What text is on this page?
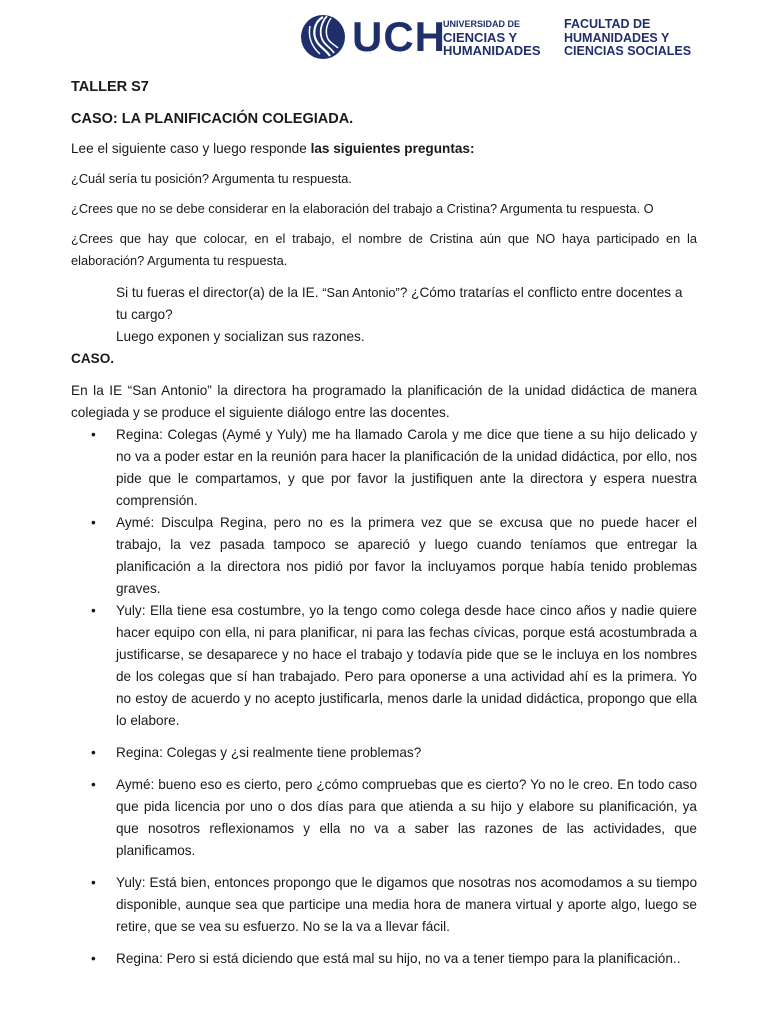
UCH
UNIVERSIDAD DE
CIENCIAS Y
HUMANIDADES
FACULTAD DE
HUMANIDADES Y
CIENCIAS SOCIALES

TALLER S7

CASO: LA PLANIFICACIÓN COLEGIADA.

Lee el siguiente caso y luego responde las siguientes preguntas:

¿Cuál sería tu posición? Argumenta tu respuesta.

¿Crees que no se debe considerar en la elaboración del trabajo a Cristina? Argumenta tu respuesta. O

¿Crees que hay que colocar, en el trabajo, el nombre de Cristina aún que NO haya participado en la elaboración? Argumenta tu respuesta.

Si tu fueras el director(a) de la IE. “San Antonio”? ¿Cómo tratarías el conflicto entre docentes a tu cargo?

Luego exponen y socializan sus razones.

CASO.

En la IE “San Antonio” la directora ha programado la planificación de la unidad didáctica de manera colegiada y se produce el siguiente diálogo entre las docentes.

• Regina: Colegas (Aymé y Yuly) me ha llamado Carola y me dice que tiene a su hijo delicado y no va a poder estar en la reunión para hacer la planificación de la unidad didáctica, por ello, nos pide que le compartamos, y que por favor la justifiquen ante la directora y espera nuestra comprensión.
• Aymé: Disculpa Regina, pero no es la primera vez que se excusa que no puede hacer el trabajo, la vez pasada tampoco se apareció y luego cuando teníamos que entregar la planificación a la directora nos pidió por favor la incluyamos porque había tenido problemas graves.
• Yuly: Ella tiene esa costumbre, yo la tengo como colega desde hace cinco años y nadie quiere hacer equipo con ella, ni para planificar, ni para las fechas cívicas, porque está acostumbrada a justificarse, se desaparece y no hace el trabajo y todavía pide que se le incluya en los nombres de los colegas que sí han trabajado. Pero para oponerse a una actividad ahí es la primera. Yo no estoy de acuerdo y no acepto justificarla, menos darle la unidad didáctica, propongo que ella lo elabore.
• Regina: Colegas y ¿si realmente tiene problemas?
• Aymé: bueno eso es cierto, pero ¿cómo compruebas que es cierto? Yo no le creo. En todo caso que pida licencia por uno o dos días para que atienda a su hijo y elabore su planificación, ya que nosotros reflexionamos y ella no va a saber las razones de las actividades, que planificamos.
• Yuly: Está bien, entonces propongo que le digamos que nosotras nos acomodamos a su tiempo disponible, aunque sea que participe una media hora de manera virtual y aporte algo, luego se retire, que se vea su esfuerzo. No se la va a llevar fácil.
• Regina: Pero si está diciendo que está mal su hijo, no va a tener tiempo para la planificación..
